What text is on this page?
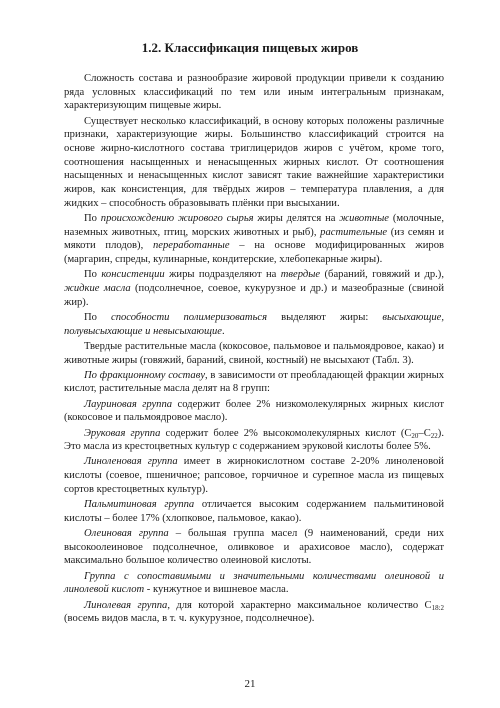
1.2. Классификация пищевых жиров

Сложность состава и разнообразие жировой продукции привели к созданию ряда условных классификаций по тем или иным интегральным признакам, характеризующим пищевые жиры.

Существует несколько классификаций, в основу которых положены различные признаки, характеризующие жиры. Большинство классификаций строится на основе жирно-кислотного состава триглицеридов жиров с учётом, кроме того, соотношения насыщенных и ненасыщенных жирных кислот. От соотношения насыщенных и ненасыщенных кислот зависят такие важнейшие характеристики жиров, как консистенция, для твёрдых жиров – температура плавления, а для жидких – способность образовывать плёнки при высыхании.

По происхождению жирового сырья жиры делятся на животные (молочные, наземных животных, птиц, морских животных и рыб), растительные (из семян и мякоти плодов), переработанные – на основе модифицированных жиров (маргарин, спреды, кулинарные, кондитерские, хлебопекарные жиры).

По консистенции жиры подразделяют на твердые (бараний, говяжий и др.), жидкие масла (подсолнечное, соевое, кукурузное и др.) и мазеобразные (свиной жир).

По способности полимеризоваться выделяют жиры: высыхающие, полувысыхающие и невысыхающие.

Твердые растительные масла (кокосовое, пальмовое и пальмоядровое, какао) и животные жиры (говяжий, бараний, свиной, костный) не высыхают (Табл. 3).

По фракционному составу, в зависимости от преобладающей фракции жирных кислот, растительные масла делят на 8 групп:

Лауриновая группа содержит более 2% низкомолекулярных жирных кислот (кокосовое и пальмоядровое масло).

Эруковая группа содержит более 2% высокомолекулярных кислот $(C_{20}-C_{22})$. Это масла из крестоцветных культур с содержанием эруковой кислоты более 5%.

Линоленовая группа имеет в жирнокислотном составе 2-20% линоленовой кислоты (соевое, пшеничное; рапсовое, горчичное и сурепное масла из пищевых сортов крестоцветных культур).

Пальмитиновая группа отличается высоким содержанием пальмитиновой кислоты – более 17% (хлопковое, пальмовое, какао).

Олеиновая группа – большая группа масел (9 наименований, среди них высокоолеиновое подсолнечное, оливковое и арахисовое масло), содержат максимально большое количество олеиновой кислоты.

Группа с сопоставимыми и значительными количествами олеиновой и линолевой кислот - кунжутное и вишневое масла.

Линолевая группа, для которой характерно максимальное количество $C_{18:2}$ (восемь видов масла, в т. ч. кукурузное, подсолнечное).

21
